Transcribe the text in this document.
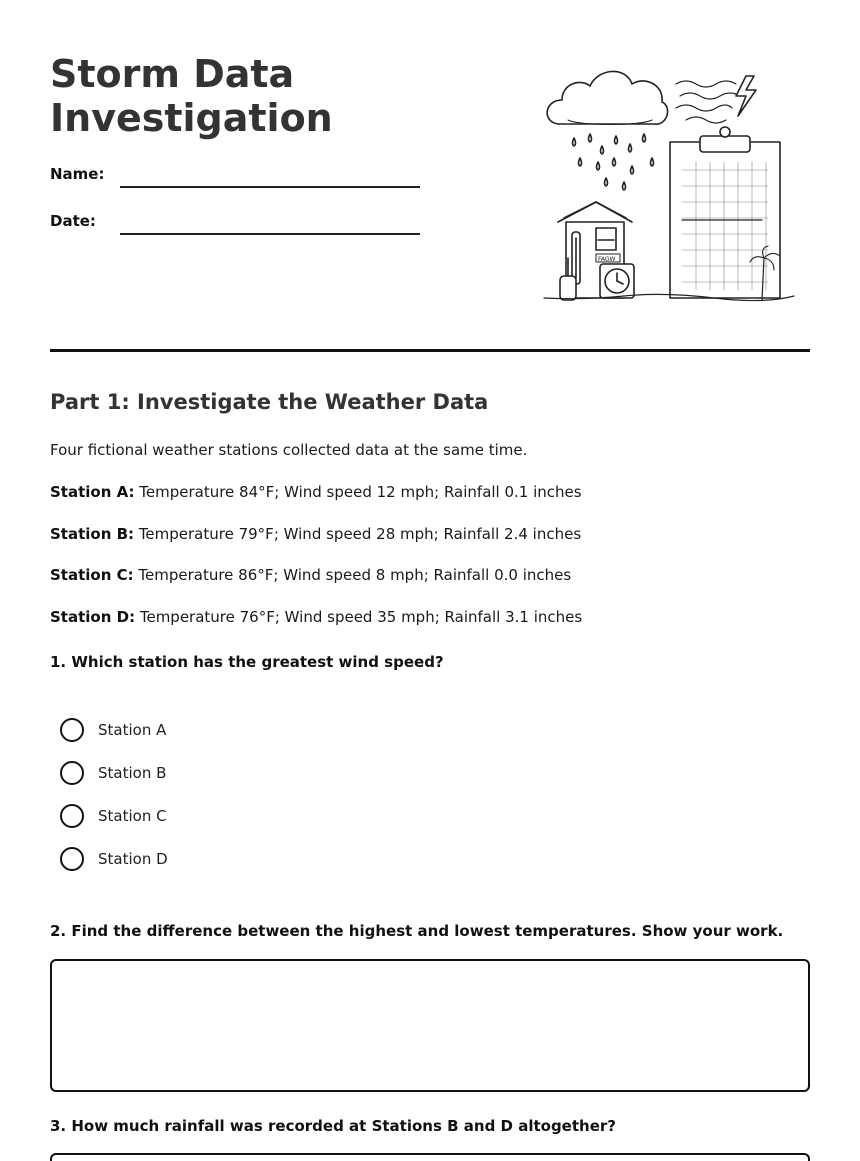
Storm Data
Investigation
Name:
Date:
FAGW
Part 1: Investigate the Weather Data

Four fictional weather stations collected data at the same time.

Station A: Temperature 84°F; Wind speed 12 mph; Rainfall 0.1 inches

Station B: Temperature 79°F; Wind speed 28 mph; Rainfall 2.4 inches

Station C: Temperature 86°F; Wind speed 8 mph; Rainfall 0.0 inches

Station D: Temperature 76°F; Wind speed 35 mph; Rainfall 3.1 inches

1. Which station has the greatest wind speed?

Station A
Station B
Station C
Station D

2. Find the difference between the highest and lowest temperatures. Show your work.

3. How much rainfall was recorded at Stations B and D altogether?
